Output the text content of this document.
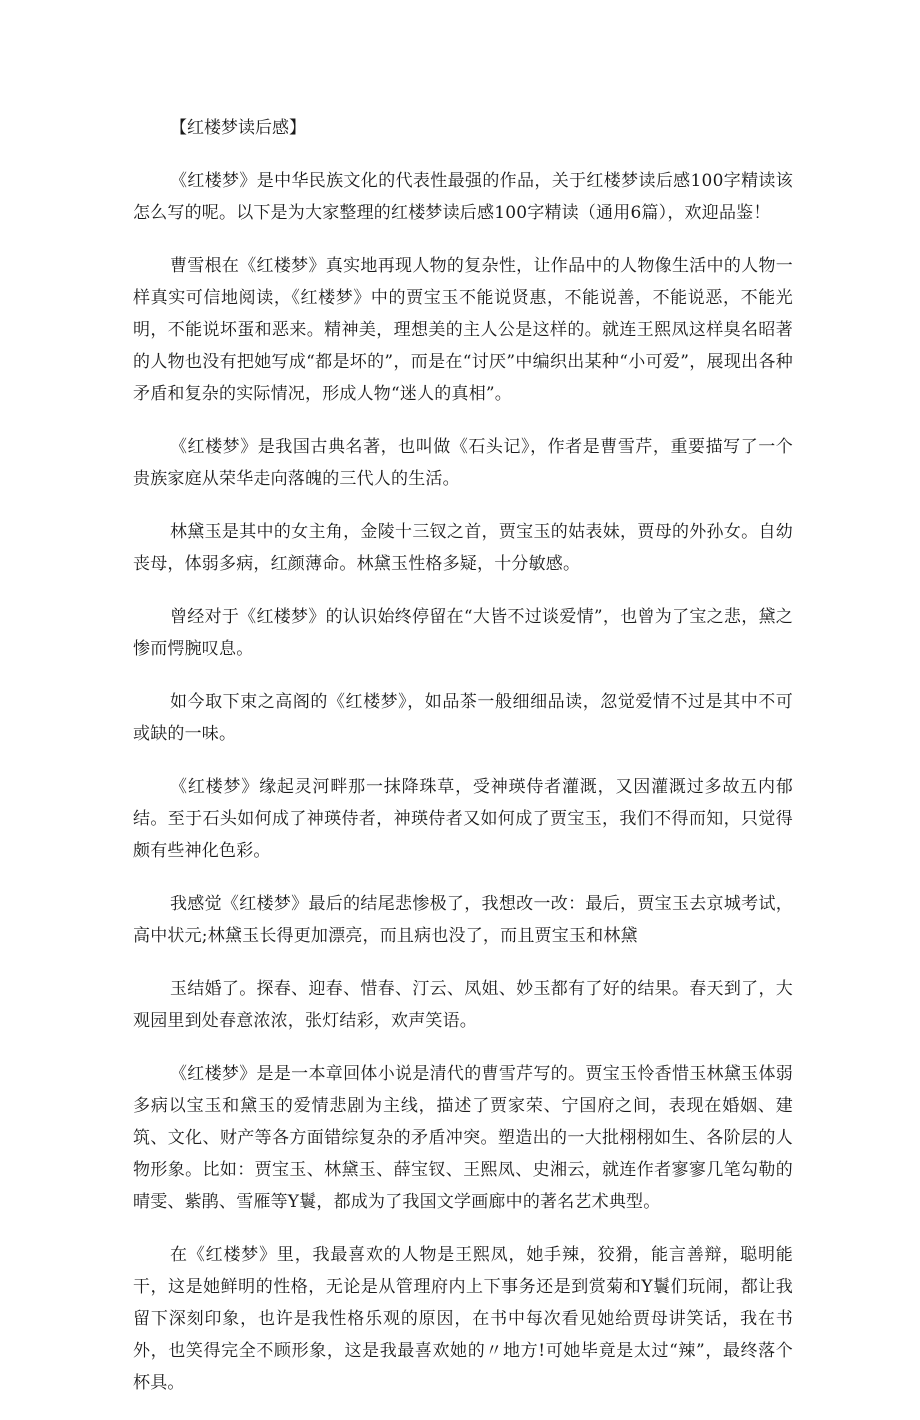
【红楼梦读后感】

《红楼梦》是中华民族文化的代表性最强的作品，关于红楼梦读后感100字精读该怎么写的呢。以下是为大家整理的红楼梦读后感100字精读（通用6篇），欢迎品鉴！

曹雪根在《红楼梦》真实地再现人物的复杂性，让作品中的人物像生活中的人物一样真实可信地阅读，《红楼梦》中的贾宝玉不能说贤惠，不能说善，不能说恶，不能光明，不能说坏蛋和恶来。精神美，理想美的主人公是这样的。就连王熙凤这样臭名昭著的人物也没有把她写成“都是坏的”，而是在“讨厌”中编织出某种“小可爱”，展现出各种矛盾和复杂的实际情况，形成人物“迷人的真相”。

《红楼梦》是我国古典名著，也叫做《石头记》，作者是曹雪芹，重要描写了一个贵族家庭从荣华走向落魄的三代人的生活。

林黛玉是其中的女主角，金陵十三钗之首，贾宝玉的姑表妹，贾母的外孙女。自幼丧母，体弱多病，红颜薄命。林黛玉性格多疑，十分敏感。

曾经对于《红楼梦》的认识始终停留在“大皆不过谈爱情”，也曾为了宝之悲，黛之惨而愕腕叹息。

如今取下束之高阁的《红楼梦》，如品茶一般细细品读，忽觉爱情不过是其中不可或缺的一味。

《红楼梦》缘起灵河畔那一抹降珠草，受神瑛侍者灌溉，又因灌溉过多故五内郁结。至于石头如何成了神瑛侍者，神瑛侍者又如何成了贾宝玉，我们不得而知，只觉得颇有些神化色彩。

我感觉《红楼梦》最后的结尾悲惨极了，我想改一改：最后，贾宝玉去京城考试，高中状元;林黛玉长得更加漂亮，而且病也没了，而且贾宝玉和林黛

玉结婚了。探春、迎春、惜春、汀云、凤姐、妙玉都有了好的结果。春天到了，大观园里到处春意浓浓，张灯结彩，欢声笑语。

《红楼梦》是是一本章回体小说是清代的曹雪芹写的。贾宝玉怜香惜玉林黛玉体弱多病以宝玉和黛玉的爱情悲剧为主线，描述了贾家荣、宁国府之间，表现在婚姻、建筑、文化、财产等各方面错综复杂的矛盾冲突。塑造出的一大批栩栩如生、各阶层的人物形象。比如：贾宝玉、林黛玉、薛宝钗、王熙凤、史湘云，就连作者寥寥几笔勾勒的晴雯、紫鹃、雪雁等Y鬟，都成为了我国文学画廊中的著名艺术典型。

在《红楼梦》里，我最喜欢的人物是王熙凤，她手辣，狡猾，能言善辩，聪明能干，这是她鲜明的性格，无论是从管理府内上下事务还是到赏菊和Y鬟们玩闹，都让我留下深刻印象，也许是我性格乐观的原因，在书中每次看见她给贾母讲笑话，我在书外，也笑得完全不顾形象，这是我最喜欢她的〃地方!可她毕竟是太过“辣”，最终落个杯具。
